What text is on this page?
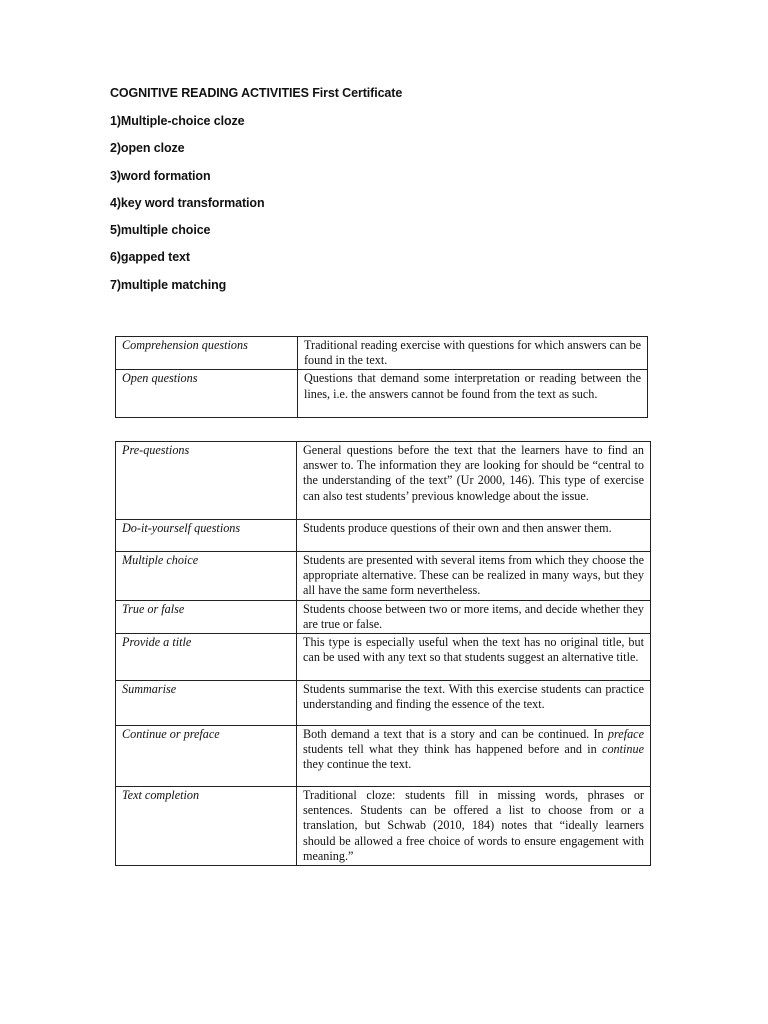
COGNITIVE READING ACTIVITIES First Certificate
1)Multiple-choice cloze
2)open cloze
3)word formation
4)key word transformation
5)multiple choice
6)gapped text
7)multiple matching
Comprehension questions	Traditional reading exercise with questions for which answers can be found in the text.
Open questions	Questions that demand some interpretation or reading between the lines, i.e. the answers cannot be found from the text as such.
Pre-questions	General questions before the text that the learners have to find an answer to. The information they are looking for should be “central to the understanding of the text” (Ur 2000, 146). This type of exercise can also test students’ previous knowledge about the issue.
Do-it-yourself questions	Students produce questions of their own and then answer them.
Multiple choice	Students are presented with several items from which they choose the appropriate alternative. These can be realized in many ways, but they all have the same form nevertheless.
True or false	Students choose between two or more items, and decide whether they are true or false.
Provide a title	This type is especially useful when the text has no original title, but can be used with any text so that students suggest an alternative title.
Summarise	Students summarise the text. With this exercise students can practice understanding and finding the essence of the text.
Continue or preface	Both demand a text that is a story and can be continued. In preface students tell what they think has happened before and in continue they continue the text.
Text completion	Traditional cloze: students fill in missing words, phrases or sentences. Students can be offered a list to choose from or a translation, but Schwab (2010, 184) notes that “ideally learners should be allowed a free choice of words to ensure engagement with meaning.”
